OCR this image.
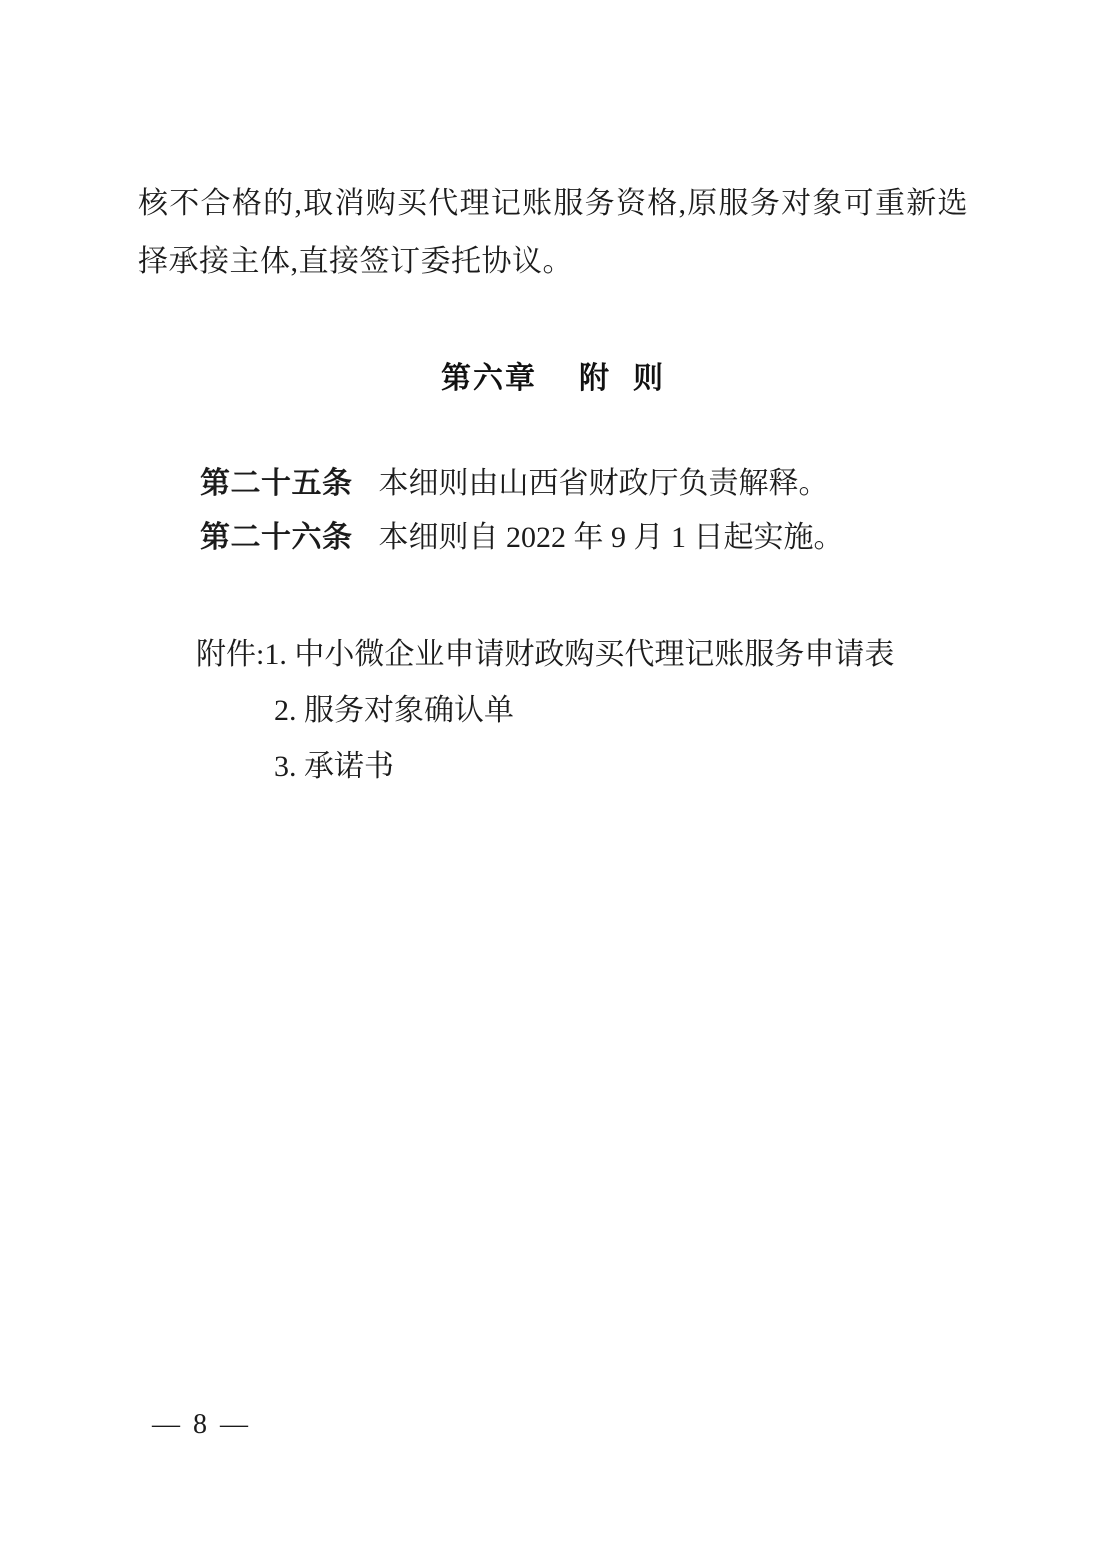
核不合格的,取消购买代理记账服务资格,原服务对象可重新选择承接主体,直接签订委托协议。

第六章 附 则

第二十五条 本细则由山西省财政厅负责解释。

第二十六条 本细则自 2022 年 9 月 1 日起实施。

附件:1. 中小微企业申请财政购买代理记账服务申请表

2. 服务对象确认单

3. 承诺书

— 8 —
